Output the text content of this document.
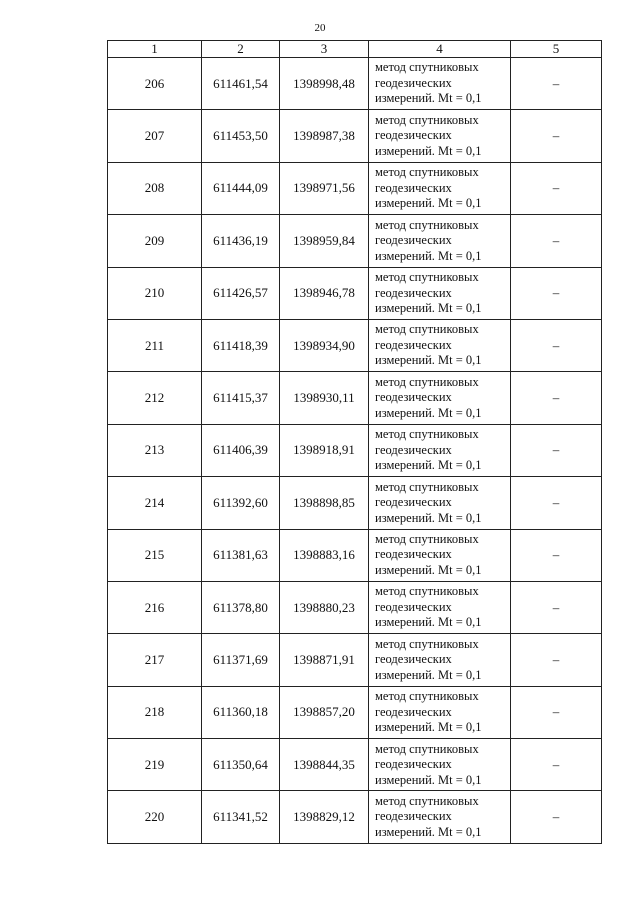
20
1	2	3	4	5
206	611461,54	1398998,48	метод спутниковых
геодезических
измерений. Mt = 0,1	–
207	611453,50	1398987,38	метод спутниковых
геодезических
измерений. Mt = 0,1	–
208	611444,09	1398971,56	метод спутниковых
геодезических
измерений. Mt = 0,1	–
209	611436,19	1398959,84	метод спутниковых
геодезических
измерений. Mt = 0,1	–
210	611426,57	1398946,78	метод спутниковых
геодезических
измерений. Mt = 0,1	–
211	611418,39	1398934,90	метод спутниковых
геодезических
измерений. Mt = 0,1	–
212	611415,37	1398930,11	метод спутниковых
геодезических
измерений. Mt = 0,1	–
213	611406,39	1398918,91	метод спутниковых
геодезических
измерений. Mt = 0,1	–
214	611392,60	1398898,85	метод спутниковых
геодезических
измерений. Mt = 0,1	–
215	611381,63	1398883,16	метод спутниковых
геодезических
измерений. Mt = 0,1	–
216	611378,80	1398880,23	метод спутниковых
геодезических
измерений. Mt = 0,1	–
217	611371,69	1398871,91	метод спутниковых
геодезических
измерений. Mt = 0,1	–
218	611360,18	1398857,20	метод спутниковых
геодезических
измерений. Mt = 0,1	–
219	611350,64	1398844,35	метод спутниковых
геодезических
измерений. Mt = 0,1	–
220	611341,52	1398829,12	метод спутниковых
геодезических
измерений. Mt = 0,1	–
